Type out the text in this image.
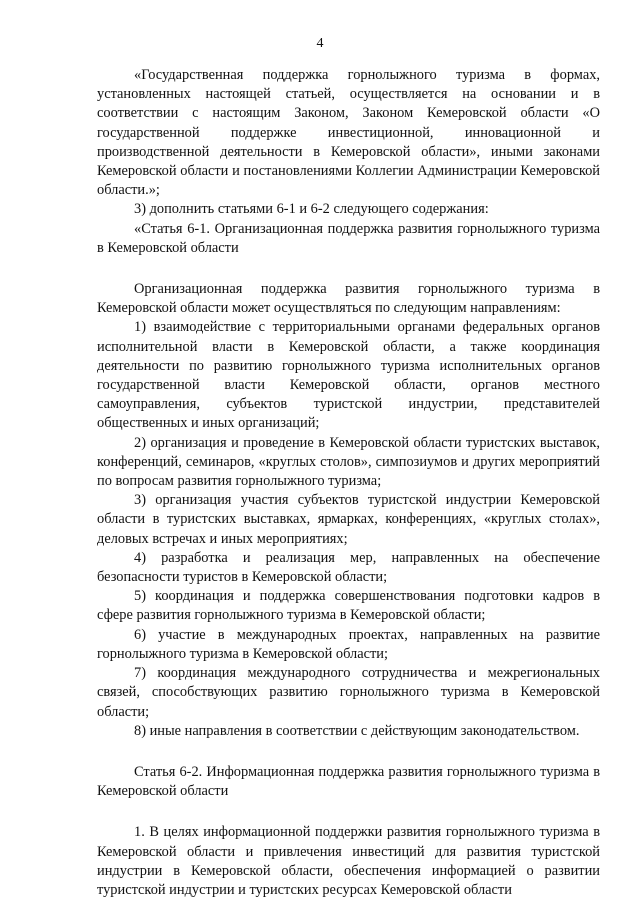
4

«Государственная поддержка горнолыжного туризма в формах, установленных настоящей статьей, осуществляется на основании и в соответствии с настоящим Законом, Законом Кемеровской области «О государственной поддержке инвестиционной, инновационной и производственной деятельности в Кемеровской области», иными законами Кемеровской области и постановлениями Коллегии Администрации Кемеровской области.»;

3) дополнить статьями 6-1 и 6-2 следующего содержания:

«Статья 6-1. Организационная поддержка развития горнолыжного туризма в Кемеровской области

Организационная поддержка развития горнолыжного туризма в Кемеровской области может осуществляться по следующим направлениям:

1) взаимодействие с территориальными органами федеральных органов исполнительной власти в Кемеровской области, а также координация деятельности по развитию горнолыжного туризма исполнительных органов государственной власти Кемеровской области, органов местного самоуправления, субъектов туристской индустрии, представителей общественных и иных организаций;

2) организация и проведение в Кемеровской области туристских выставок, конференций, семинаров, «круглых столов», симпозиумов и других мероприятий по вопросам развития горнолыжного туризма;

3) организация участия субъектов туристской индустрии Кемеровской области в туристских выставках, ярмарках, конференциях, «круглых столах», деловых встречах и иных мероприятиях;

4) разработка и реализация мер, направленных на обеспечение безопасности туристов в Кемеровской области;

5) координация и поддержка совершенствования подготовки кадров в сфере развития горнолыжного туризма в Кемеровской области;

6) участие в международных проектах, направленных на развитие горнолыжного туризма в Кемеровской области;

7) координация международного сотрудничества и межрегиональных связей, способствующих развитию горнолыжного туризма в Кемеровской области;

8) иные направления в соответствии с действующим законодательством.

Статья 6-2. Информационная поддержка развития горнолыжного туризма в Кемеровской области

1. В целях информационной поддержки развития горнолыжного туризма в Кемеровской области и привлечения инвестиций для развития туристской индустрии в Кемеровской области, обеспечения информацией о развитии туристской индустрии и туристских ресурсах Кемеровской области
